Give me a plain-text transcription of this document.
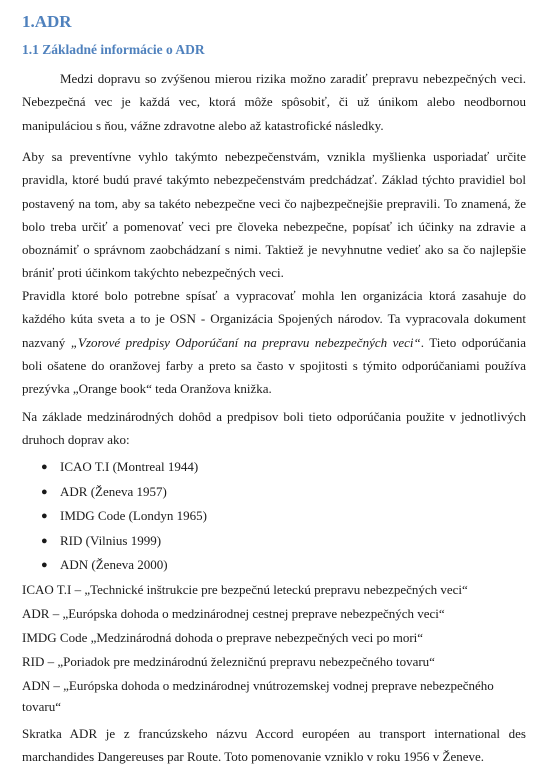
1.ADR
1.1 Základné informácie o ADR

Medzi dopravu so zvýšenou mierou rizika možno zaradiť prepravu nebezpečných veci. Nebezpečná vec je každá vec, ktorá môže spôsobiť, či už únikom alebo neodbornou manipuláciou s ňou, vážne zdravotne alebo až katastrofické následky.

Aby sa preventívne vyhlo takýmto nebezpečenstvám, vznikla myšlienka usporiadať určite pravidla, ktoré budú pravé takýmto nebezpečenstvám predchádzať. Základ týchto pravidiel bol postavený na tom, aby sa takéto nebezpečne veci čo najbezpečnejšie prepravili. To znamená, že bolo treba určiť a pomenovať veci pre človeka nebezpečne, popísať ich účinky na zdravie a oboznámiť o správnom zaobchádzaní s nimi. Taktiež je nevyhnutne vedieť ako sa čo najlepšie brániť proti účinkom takýchto nebezpečných veci.

Pravidla ktoré bolo potrebne spísať a vypracovať mohla len organizácia ktorá zasahuje do každého kúta sveta a to je OSN - Organizácia Spojených národov. Ta vypracovala dokument nazvaný „Vzorové predpisy Odporúčaní na prepravu nebezpečných veci“. Tieto odporúčania boli ošatene do oranžovej farby a preto sa často v spojitosti s týmito odporúčaniami používa prezývka „Orange book“ teda Oranžova knižka.

Na základe medzinárodných dohôd a predpisov boli tieto odporúčania použite v jednotlivých druhoch doprav ako:

● ICAO T.I (Montreal 1944)
● ADR (Ženeva 1957)
● IMDG Code (Londyn 1965)
● RID (Vilnius 1999)
● ADN (Ženeva 2000)

ICAO T.I – „Technické inštrukcie pre bezpečnú leteckú prepravu nebezpečných veci“

ADR – „Európska dohoda o medzinárodnej cestnej preprave nebezpečných veci“

IMDG Code „Medzinárodná dohoda o preprave nebezpečných veci po mori“

RID – „Poriadok pre medzinárodnú železničnú prepravu nebezpečného tovaru“

ADN – „Európska dohoda o medzinárodnej vnútrozemskej vodnej preprave nebezpečného

tovaru“

Skratka ADR je z francúzskeho názvu Accord européen au transport international des marchandides Dangereuses par Route. Toto pomenovanie vzniklo v roku 1956 v Ženeve.
